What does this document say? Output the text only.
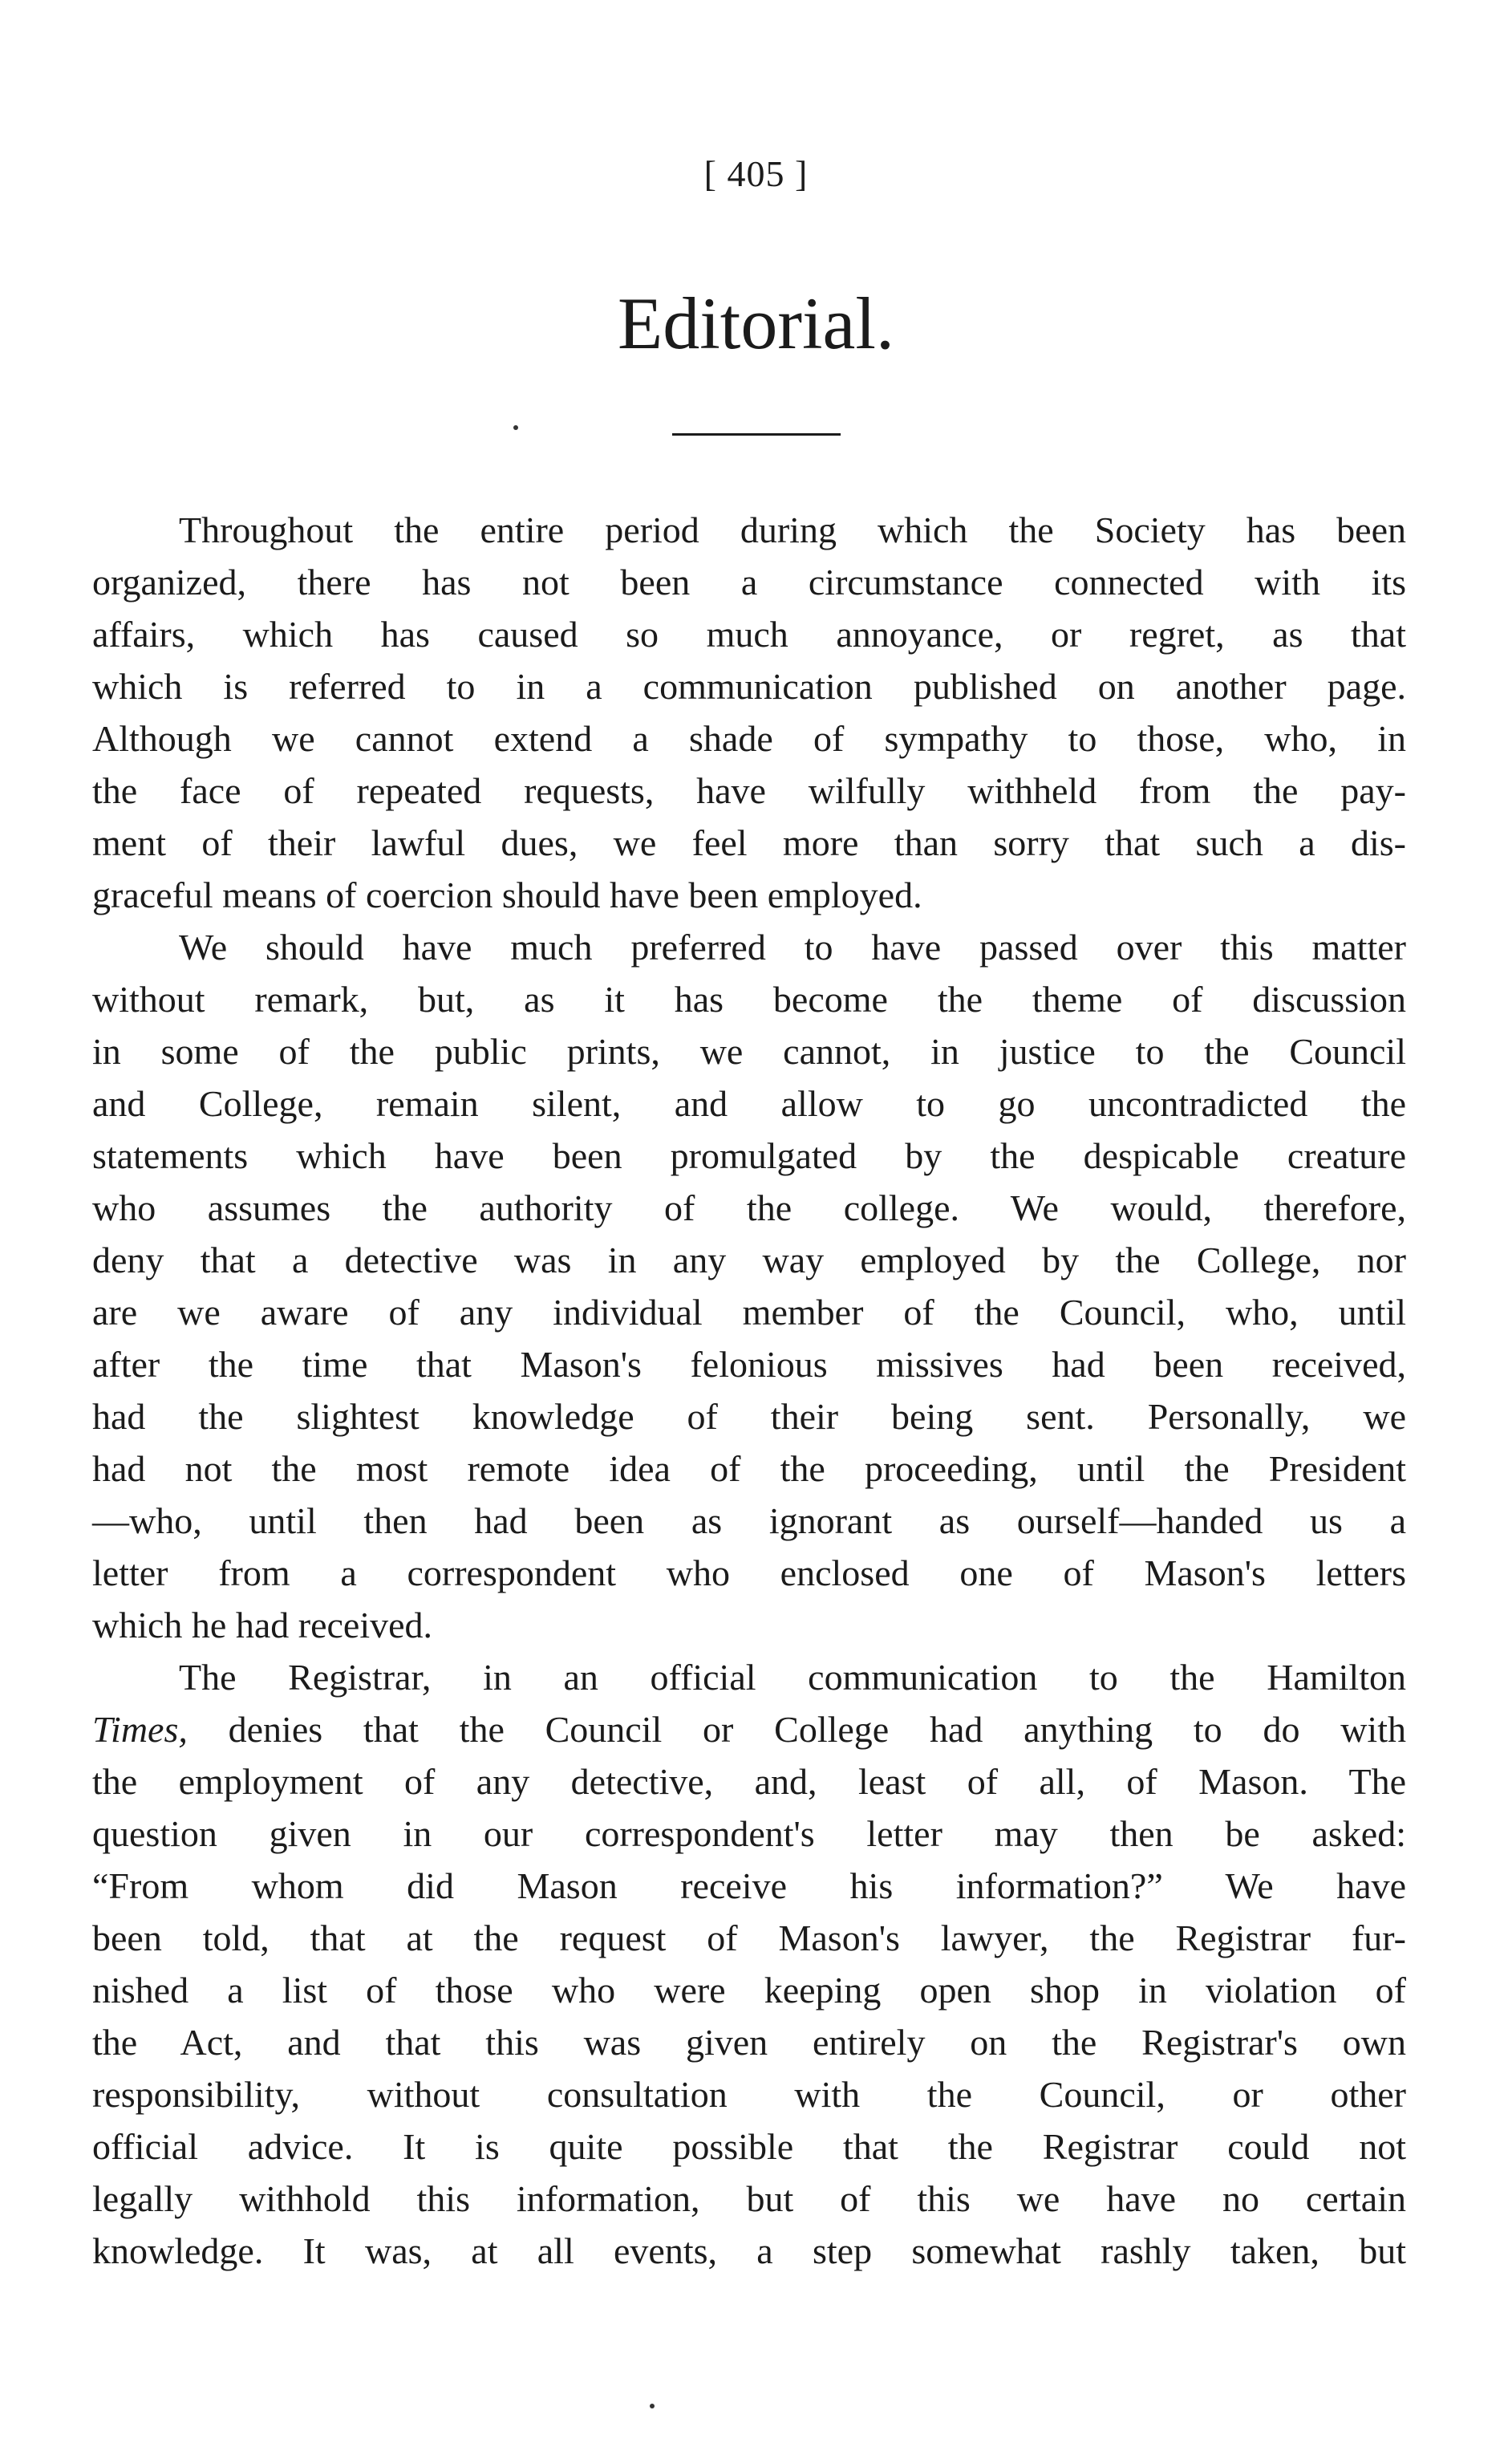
[ 405 ]
Editorial.
Throughout the entire period during which the Society has been
organized, there has not been a circumstance connected with its
affairs, which has caused so much annoyance, or regret, as that
which is referred to in a communication published on another page.
Although we cannot extend a shade of sympathy to those, who, in
the face of repeated requests, have wilfully withheld from the pay-
ment of their lawful dues, we feel more than sorry that such a dis-
graceful means of coercion should have been employed.
We should have much preferred to have passed over this matter
without remark, but, as it has become the theme of discussion
in some of the public prints, we cannot, in justice to the Council
and College, remain silent, and allow to go uncontradicted the
statements which have been promulgated by the despicable creature
who assumes the authority of the college. We would, therefore,
deny that a detective was in any way employed by the College, nor
are we aware of any individual member of the Council, who, until
after the time that Mason's felonious missives had been received,
had the slightest knowledge of their being sent. Personally, we
had not the most remote idea of the proceeding, until the President
—who, until then had been as ignorant as ourself—handed us a
letter from a correspondent who enclosed one of Mason's letters
which he had received.
The Registrar, in an official communication to the Hamilton
Times, denies that the Council or College had anything to do with
the employment of any detective, and, least of all, of Mason. The
question given in our correspondent's letter may then be asked:
“From whom did Mason receive his information?” We have
been told, that at the request of Mason's lawyer, the Registrar fur-
nished a list of those who were keeping open shop in violation of
the Act, and that this was given entirely on the Registrar's own
responsibility, without consultation with the Council, or other
official advice. It is quite possible that the Registrar could not
legally withhold this information, but of this we have no certain
knowledge. It was, at all events, a step somewhat rashly taken, but
